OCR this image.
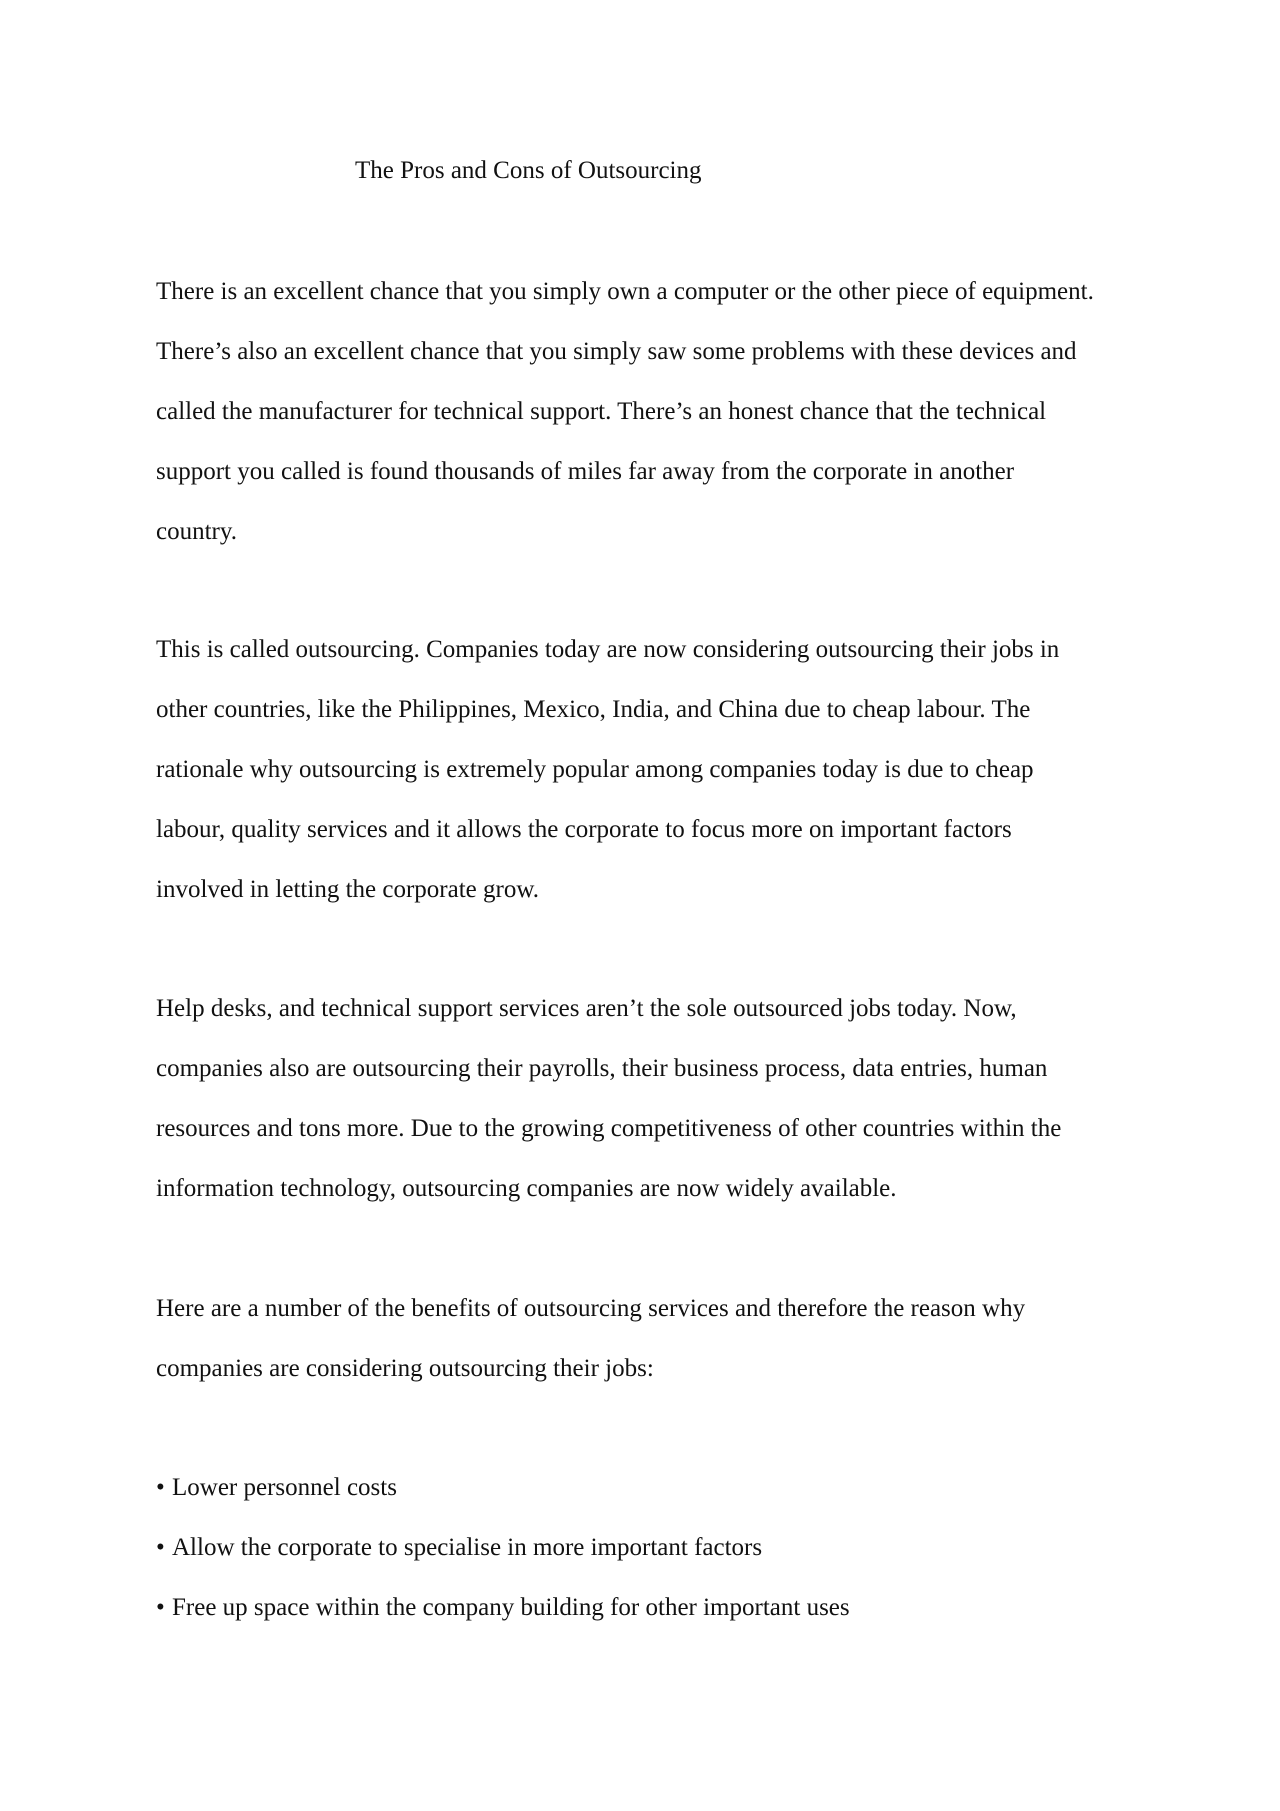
The Pros and Cons of Outsourcing

There is an excellent chance that you simply own a computer or the other piece of equipment.
There’s also an excellent chance that you simply saw some problems with these devices and
called the manufacturer for technical support. There’s an honest chance that the technical
support you called is found thousands of miles far away from the corporate in another
country.

This is called outsourcing. Companies today are now considering outsourcing their jobs in
other countries, like the Philippines, Mexico, India, and China due to cheap labour. The
rationale why outsourcing is extremely popular among companies today is due to cheap
labour, quality services and it allows the corporate to focus more on important factors
involved in letting the corporate grow.

Help desks, and technical support services aren’t the sole outsourced jobs today. Now,
companies also are outsourcing their payrolls, their business process, data entries, human
resources and tons more. Due to the growing competitiveness of other countries within the
information technology, outsourcing companies are now widely available.

Here are a number of the benefits of outsourcing services and therefore the reason why
companies are considering outsourcing their jobs:

• Lower personnel costs
• Allow the corporate to specialise in more important factors
• Free up space within the company building for other important uses
